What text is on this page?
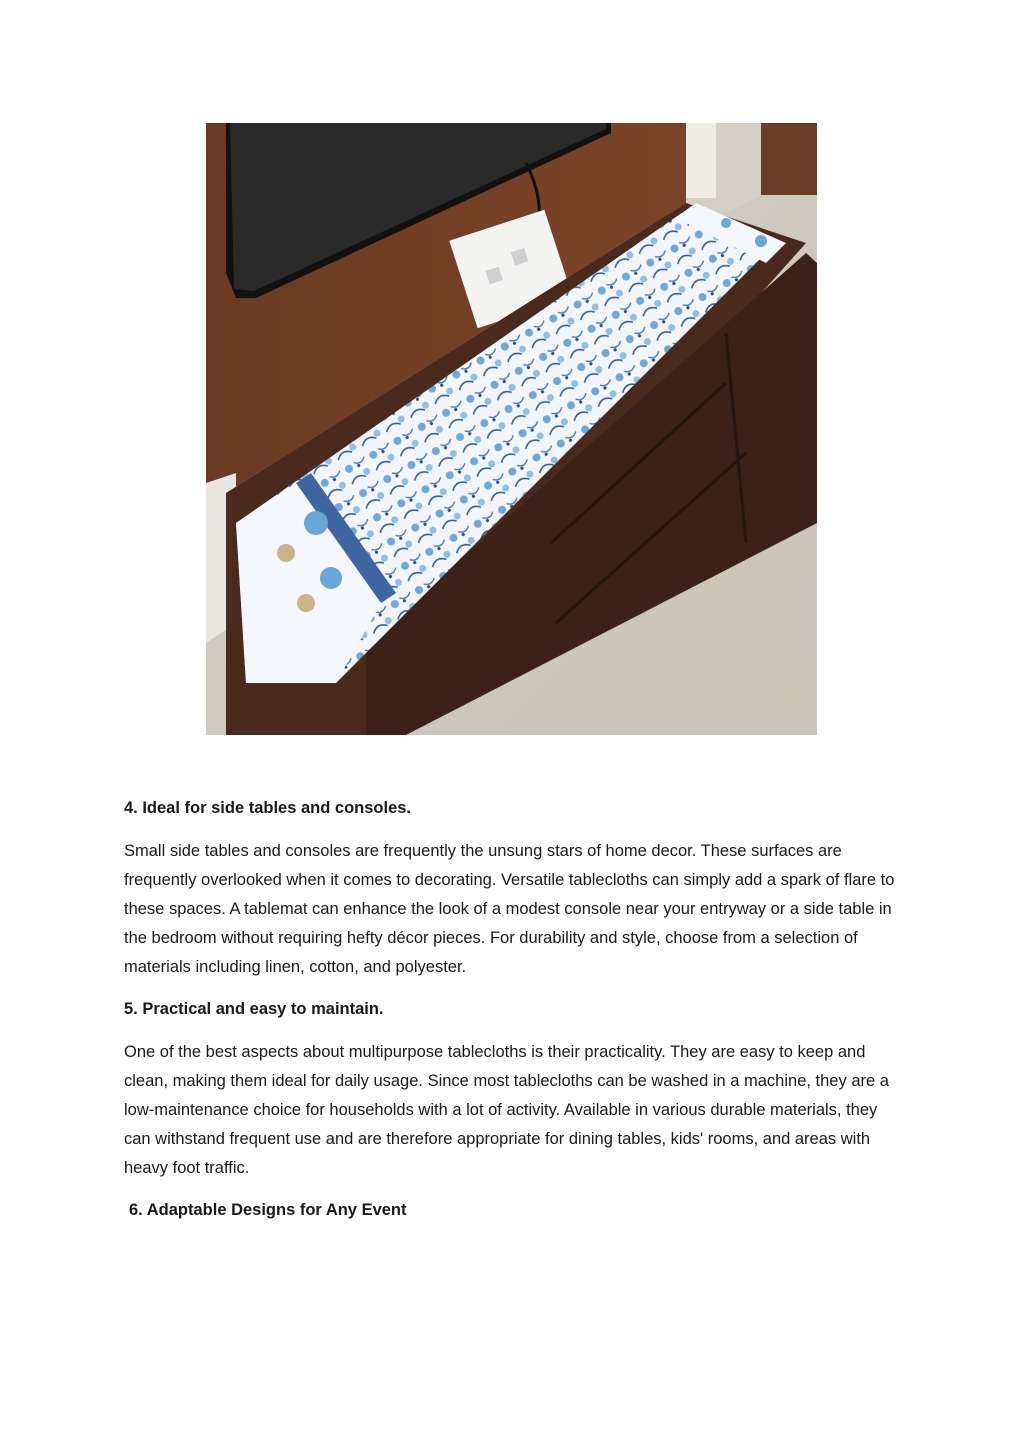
4. Ideal for side tables and consoles.

Small side tables and consoles are frequently the unsung stars of home decor. These surfaces are frequently overlooked when it comes to decorating. Versatile tablecloths can simply add a spark of flare to these spaces. A tablemat can enhance the look of a modest console near your entryway or a side table in the bedroom without requiring hefty décor pieces. For durability and style, choose from a selection of materials including linen, cotton, and polyester.

5. Practical and easy to maintain.

One of the best aspects about multipurpose tablecloths is their practicality. They are easy to keep and clean, making them ideal for daily usage. Since most tablecloths can be washed in a machine, they are a low-maintenance choice for households with a lot of activity. Available in various durable materials, they can withstand frequent use and are therefore appropriate for dining tables, kids' rooms, and areas with heavy foot traffic.

6. Adaptable Designs for Any Event
